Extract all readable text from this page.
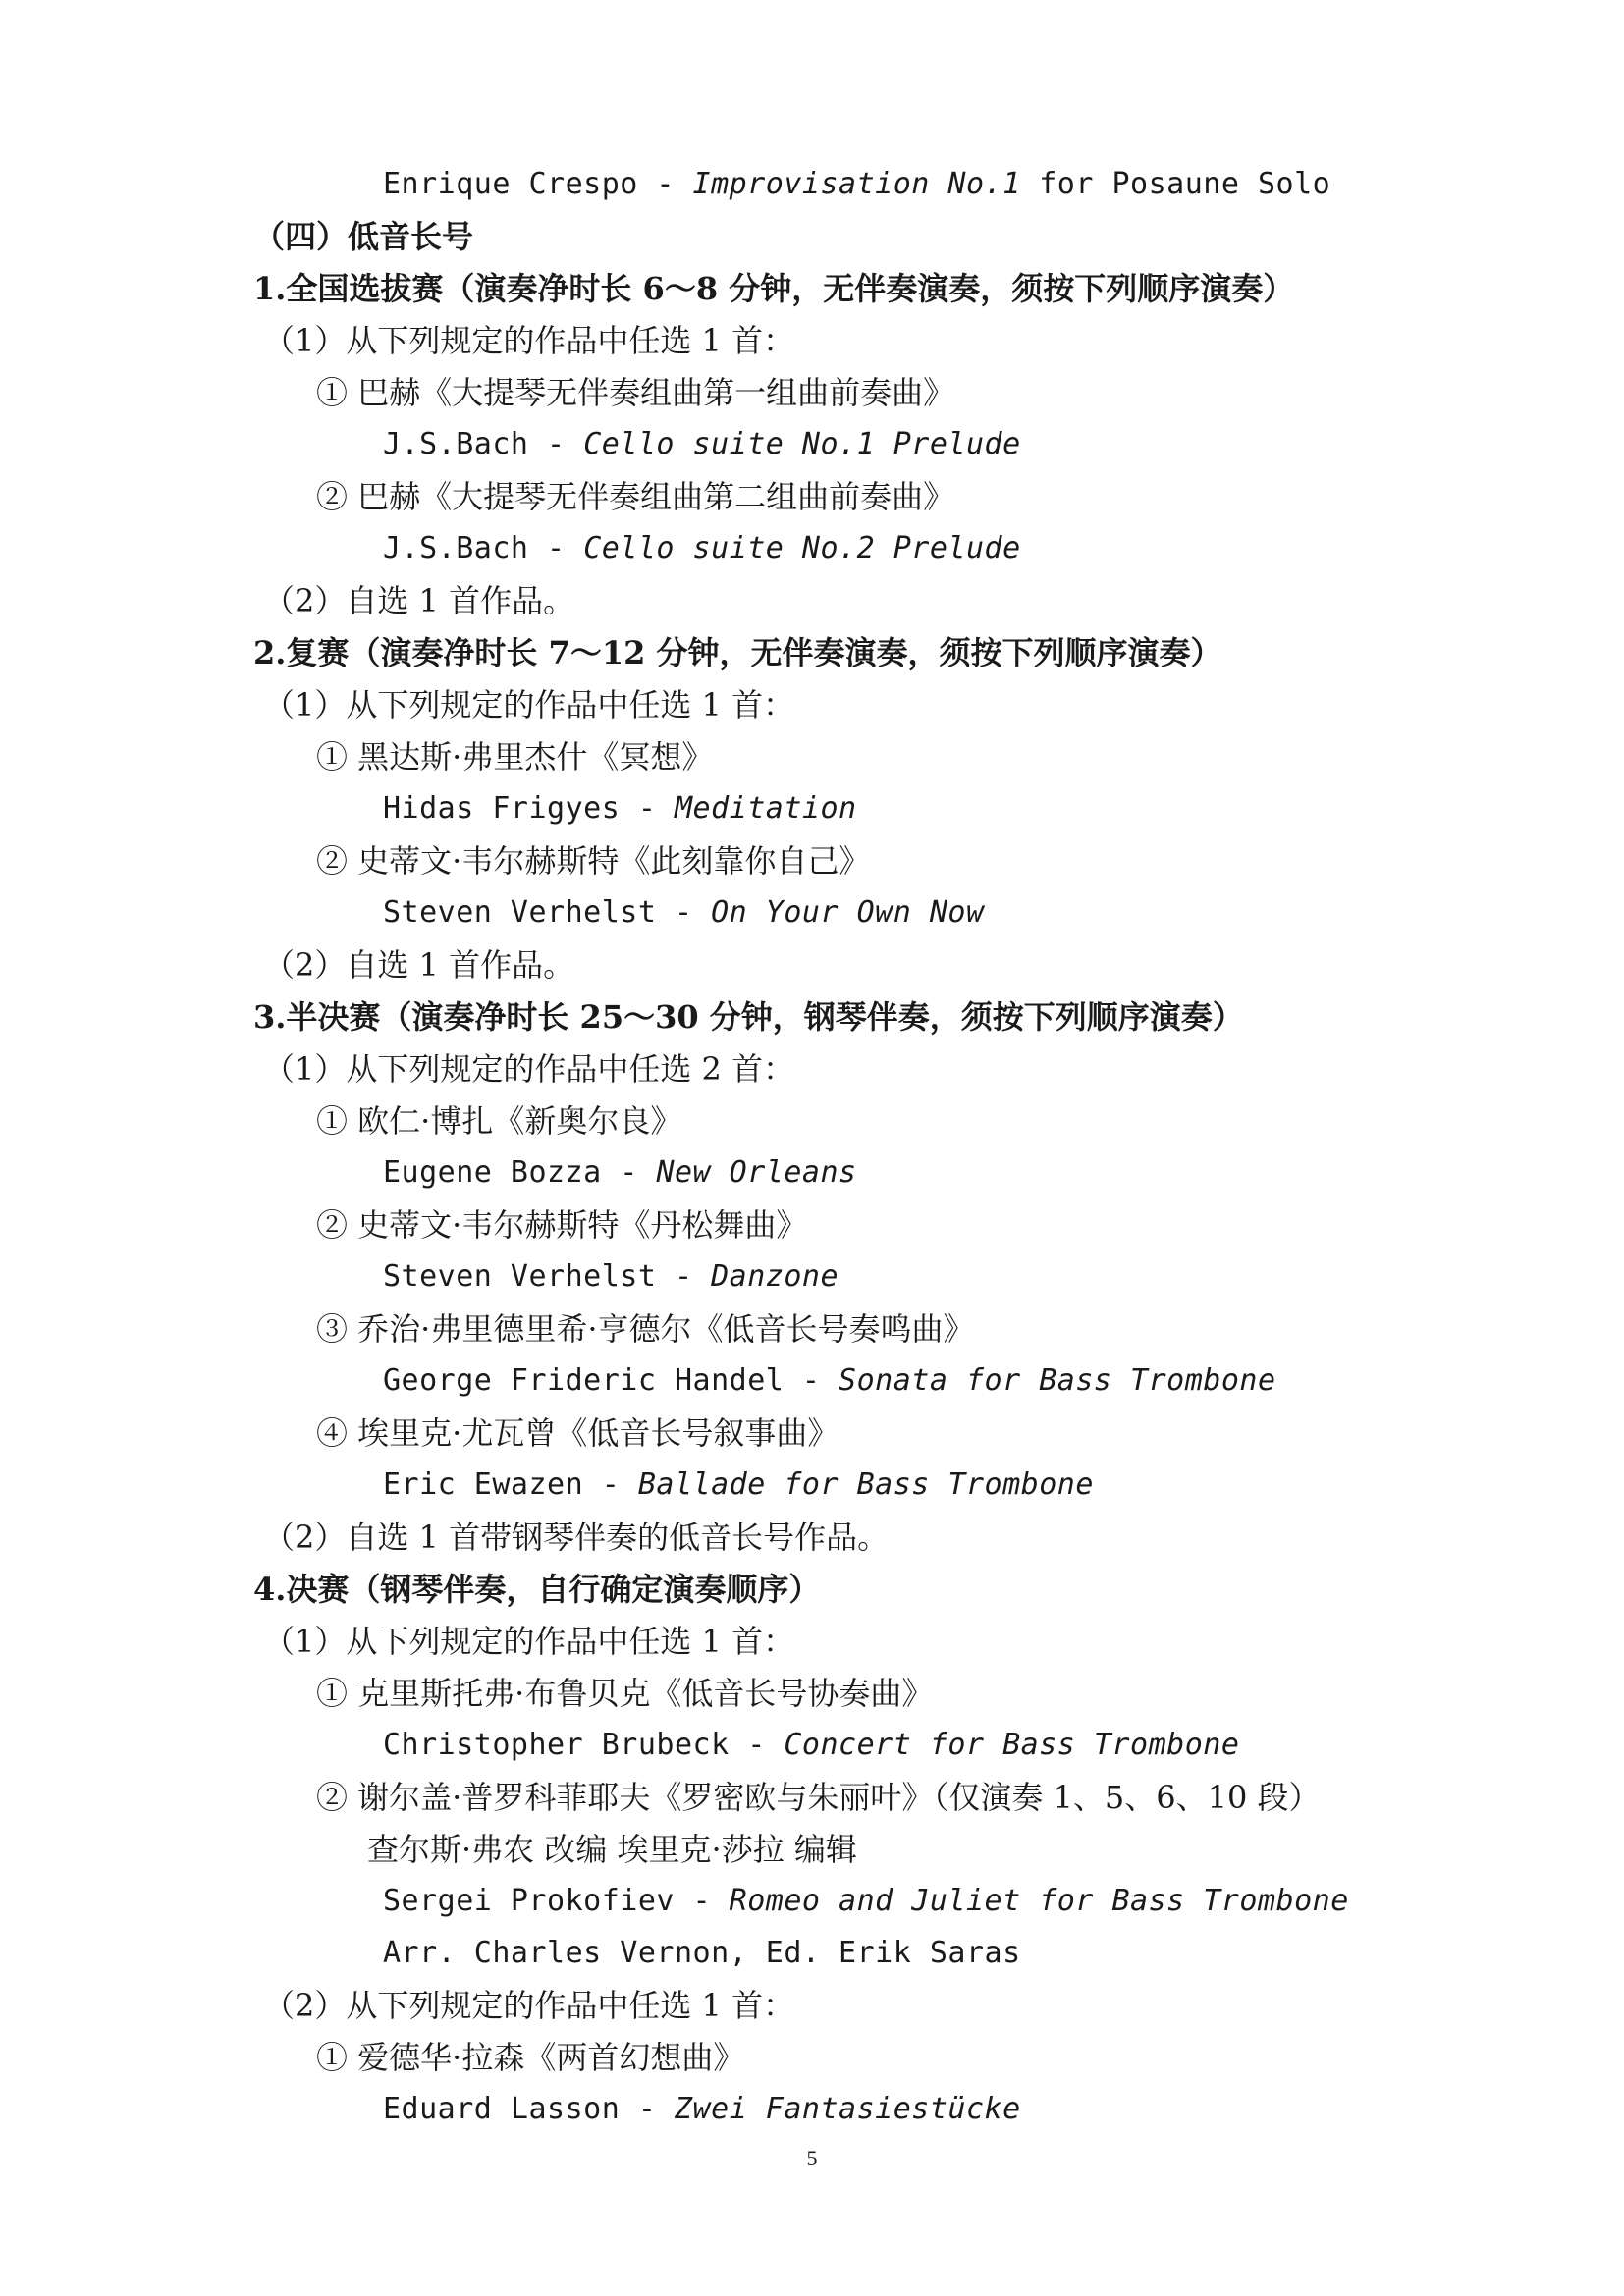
Enrique Crespo - Improvisation No.1 for Posaune Solo
（四）低音长号
1.全国选拔赛（演奏净时长 6～8 分钟，无伴奏演奏，须按下列顺序演奏）
（1）从下列规定的作品中任选 1 首：
① 巴赫《大提琴无伴奏组曲第一组曲前奏曲》
J.S.Bach - Cello suite No.1 Prelude
② 巴赫《大提琴无伴奏组曲第二组曲前奏曲》
J.S.Bach - Cello suite No.2 Prelude
（2）自选 1 首作品。
2.复赛（演奏净时长 7～12 分钟，无伴奏演奏，须按下列顺序演奏）
（1）从下列规定的作品中任选 1 首：
① 黑达斯·弗里杰什《冥想》
Hidas Frigyes - Meditation
② 史蒂文·韦尔赫斯特《此刻靠你自己》
Steven Verhelst - On Your Own Now
（2）自选 1 首作品。
3.半决赛（演奏净时长 25～30 分钟，钢琴伴奏，须按下列顺序演奏）
（1）从下列规定的作品中任选 2 首：
① 欧仁·博扎《新奥尔良》
Eugene Bozza - New Orleans
② 史蒂文·韦尔赫斯特《丹松舞曲》
Steven Verhelst - Danzone
③ 乔治·弗里德里希·亨德尔《低音长号奏鸣曲》
George Frideric Handel - Sonata for Bass Trombone
④ 埃里克·尤瓦曾《低音长号叙事曲》
Eric Ewazen - Ballade for Bass Trombone
（2）自选 1 首带钢琴伴奏的低音长号作品。
4.决赛（钢琴伴奏，自行确定演奏顺序）
（1）从下列规定的作品中任选 1 首：
① 克里斯托弗·布鲁贝克《低音长号协奏曲》
Christopher Brubeck - Concert for Bass Trombone
② 谢尔盖·普罗科菲耶夫《罗密欧与朱丽叶》（仅演奏 1、5、6、10 段）
查尔斯·弗农 改编 埃里克·莎拉 编辑
Sergei Prokofiev - Romeo and Juliet for Bass Trombone
Arr. Charles Vernon, Ed. Erik Saras
（2）从下列规定的作品中任选 1 首：
① 爱德华·拉森《两首幻想曲》
Eduard Lasson - Zwei Fantasiestücke
5
